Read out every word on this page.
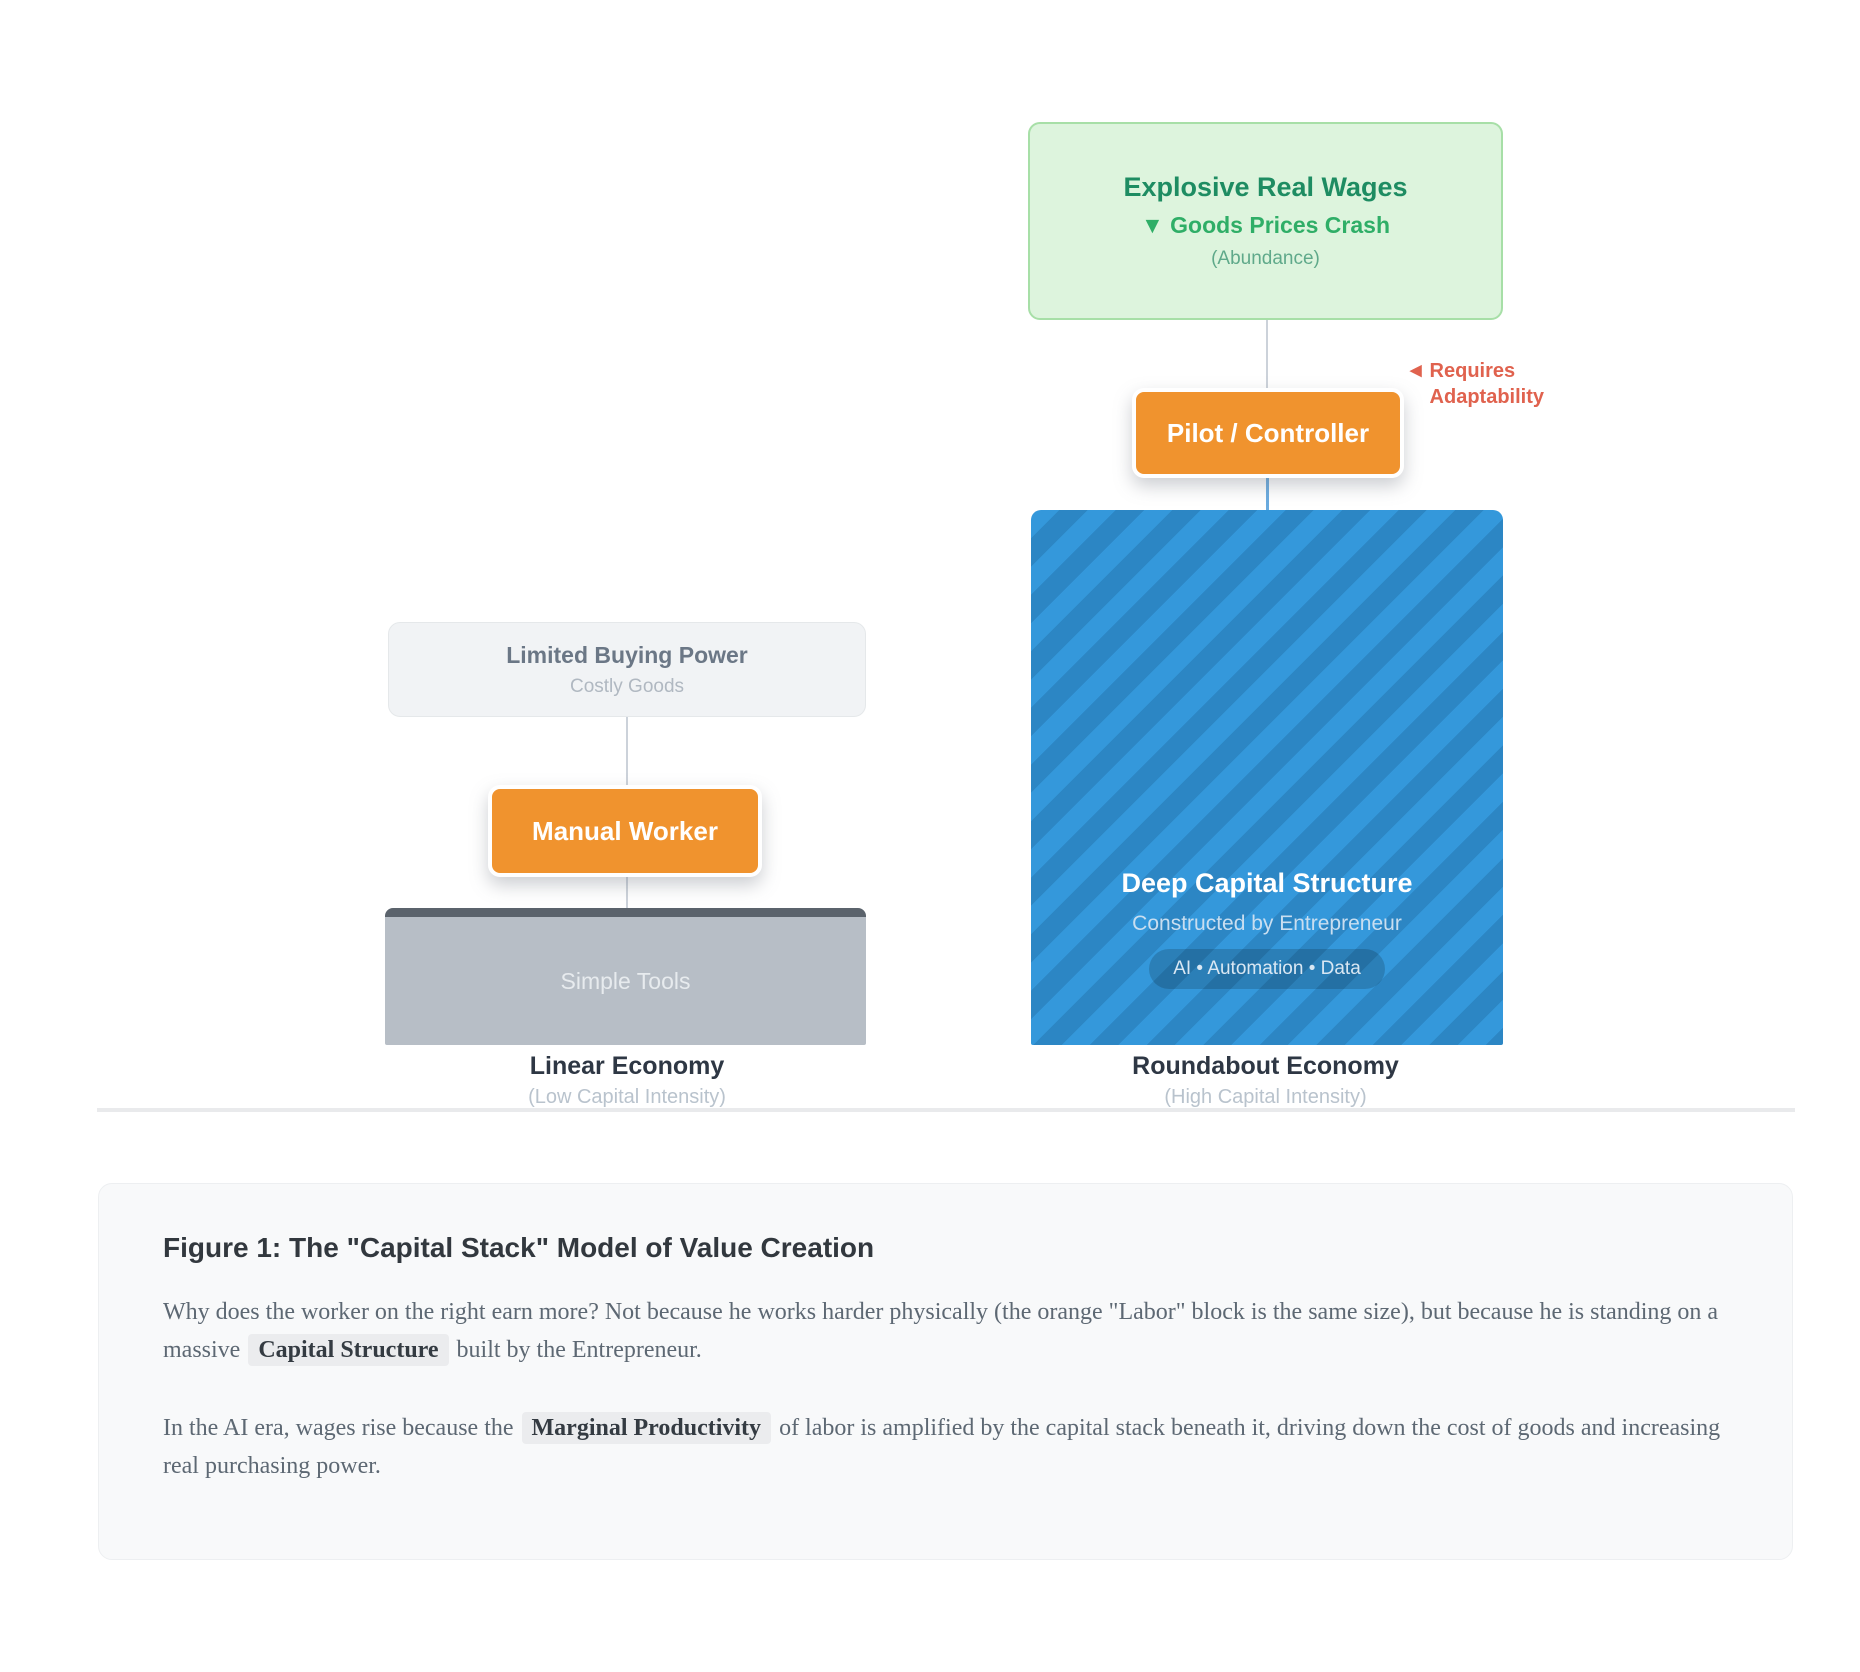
Limited Buying Power
Costly Goods
Manual Worker
Simple Tools
Linear Economy
(Low Capital Intensity)
Explosive Real Wages
▼ Goods Prices Crash
(Abundance)
Pilot / Controller
◀ Requires
Adaptability
Deep Capital Structure
Constructed by Entrepreneur
AI • Automation • Data
Roundabout Economy
(High Capital Intensity)
Figure 1: The "Capital Stack" Model of Value Creation

Why does the worker on the right earn more? Not because he works harder physically (the orange "Labor" block is the same size), but because he is standing on a massive Capital Structure built by the Entrepreneur.

In the AI era, wages rise because the Marginal Productivity of labor is amplified by the capital stack beneath it, driving down the cost of goods and increasing real purchasing power.
